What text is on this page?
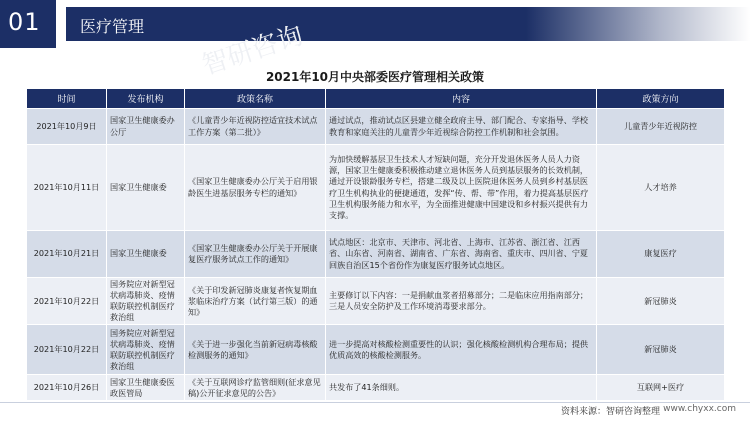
01 医疗管理 智研咨询
2021年10月中央部委医疗管理相关政策
时间	发布机构	政策名称	内容	政策方向
2021年10月9日	国家卫生健康委办公厅	《儿童青少年近视防控适宜技术试点工作方案（第二批）》	通过试点，推动试点区县建立健全政府主导、部门配合、专家指导、学校教育和家庭关注的儿童青少年近视综合防控工作机制和社会氛围。	儿童青少年近视防控
2021年10月11日	国家卫生健康委	《国家卫生健康委办公厅关于启用银龄医生进基层服务专栏的通知》	为加快缓解基层卫生技术人才短缺问题，充分开发退休医务人员人力资源，国家卫生健康委积极推动建立退休医务人员到基层服务的长效机制，通过开设银龄服务专栏，搭建二级及以上医院退休医务人员到乡村基层医疗卫生机构执业的便捷通道，发挥“传、帮、带”作用，着力提高基层医疗卫生机构服务能力和水平，为全面推进健康中国建设和乡村振兴提供有力支撑。	人才培养
2021年10月21日	国家卫生健康委	《国家卫生健康委办公厅关于开展康复医疗服务试点工作的通知》	试点地区：北京市、天津市、河北省、上海市、江苏省、浙江省、江西省、山东省、河南省、湖南省、广东省、海南省、重庆市、四川省、宁夏回族自治区15个省份作为康复医疗服务试点地区。	康复医疗
2021年10月22日	国务院应对新型冠状病毒肺炎、疫情联防联控机制医疗救治组	《关于印发新冠肺炎康复者恢复期血浆临床治疗方案（试行第三版）的通知》	主要修订以下内容：一是捐献血浆者招募部分；二是临床应用指南部分；三是人员安全防护及工作环境消毒要求部分。	新冠肺炎
2021年10月22日	国务院应对新型冠状病毒肺炎、疫情联防联控机制医疗救治组	《关于进一步强化当前新冠病毒核酸检测服务的通知》	进一步提高对核酸检测重要性的认识；强化核酸检测机构合理布局；提供优质高效的核酸检测服务。	新冠肺炎
2021年10月26日	国家卫生健康委医政医管局	《关于互联网诊疗监管细则(征求意见稿)公开征求意见的公告》	共发布了41条细则。	互联网+医疗
资料来源：智研咨询整理 www.chyxx.com
